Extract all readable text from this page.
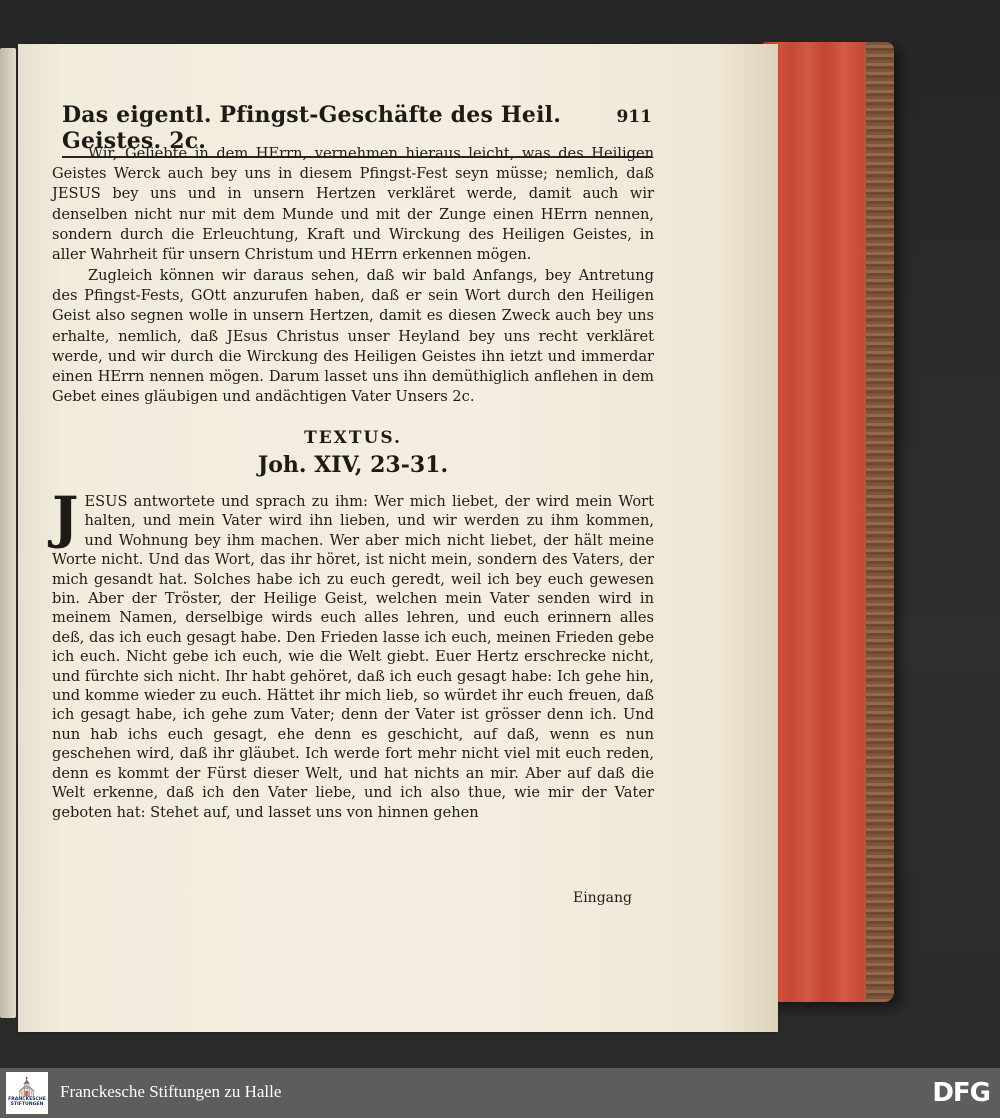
Das eigentl. Pfingst-Geschäfte des Heil. Geistes. 2c.
911

Wir, Geliebte in dem HErrn, vernehmen hieraus leicht, was des Heiligen Geistes Werck auch bey uns in diesem Pfingst-Fest seyn müsse; nemlich, daß JESUS bey uns und in unsern Hertzen verkläret werde, damit auch wir denselben nicht nur mit dem Munde und mit der Zunge einen HErrn nennen, sondern durch die Erleuchtung, Kraft und Wirckung des Heiligen Geistes, in aller Wahrheit für unsern Christum und HErrn erkennen mögen.

Zugleich können wir daraus sehen, daß wir bald Anfangs, bey Antretung des Pfingst-Fests, GOtt anzurufen haben, daß er sein Wort durch den Heiligen Geist also segnen wolle in unsern Hertzen, damit es diesen Zweck auch bey uns erhalte, nemlich, daß JEsus Christus unser Heyland bey uns recht verkläret werde, und wir durch die Wirckung des Heiligen Geistes ihn ietzt und immerdar einen HErrn nennen mögen. Darum lasset uns ihn demüthiglich anflehen in dem Gebet eines gläubigen und andächtigen Vater Unsers 2c.

TEXTUS.
Joh. XIV, 23-31.

JESUS antwortete und sprach zu ihm: Wer mich liebet, der wird mein Wort halten, und mein Vater wird ihn lieben, und wir werden zu ihm kommen, und Wohnung bey ihm machen. Wer aber mich nicht liebet, der hält meine Worte nicht. Und das Wort, das ihr höret, ist nicht mein, sondern des Vaters, der mich gesandt hat. Solches habe ich zu euch geredt, weil ich bey euch gewesen bin. Aber der Tröster, der Heilige Geist, welchen mein Vater senden wird in meinem Namen, derselbige wirds euch alles lehren, und euch erinnern alles deß, das ich euch gesagt habe. Den Frieden lasse ich euch, meinen Frieden gebe ich euch. Nicht gebe ich euch, wie die Welt giebt. Euer Hertz erschrecke nicht, und fürchte sich nicht. Ihr habt gehöret, daß ich euch gesagt habe: Ich gehe hin, und komme wieder zu euch. Hättet ihr mich lieb, so würdet ihr euch freuen, daß ich gesagt habe, ich gehe zum Vater; denn der Vater ist grösser denn ich. Und nun hab ichs euch gesagt, ehe denn es geschicht, auf daß, wenn es nun geschehen wird, daß ihr gläubet. Ich werde fort mehr nicht viel mit euch reden, denn es kommt der Fürst dieser Welt, und hat nichts an mir. Aber auf daß die Welt erkenne, daß ich den Vater liebe, und ich also thue, wie mir der Vater geboten hat: Stehet auf, und lasset uns von hinnen gehen

Eingang
⛪
FRANCKESCHE STIFTUNGEN
Franckesche Stiftungen zu Halle	DFG
